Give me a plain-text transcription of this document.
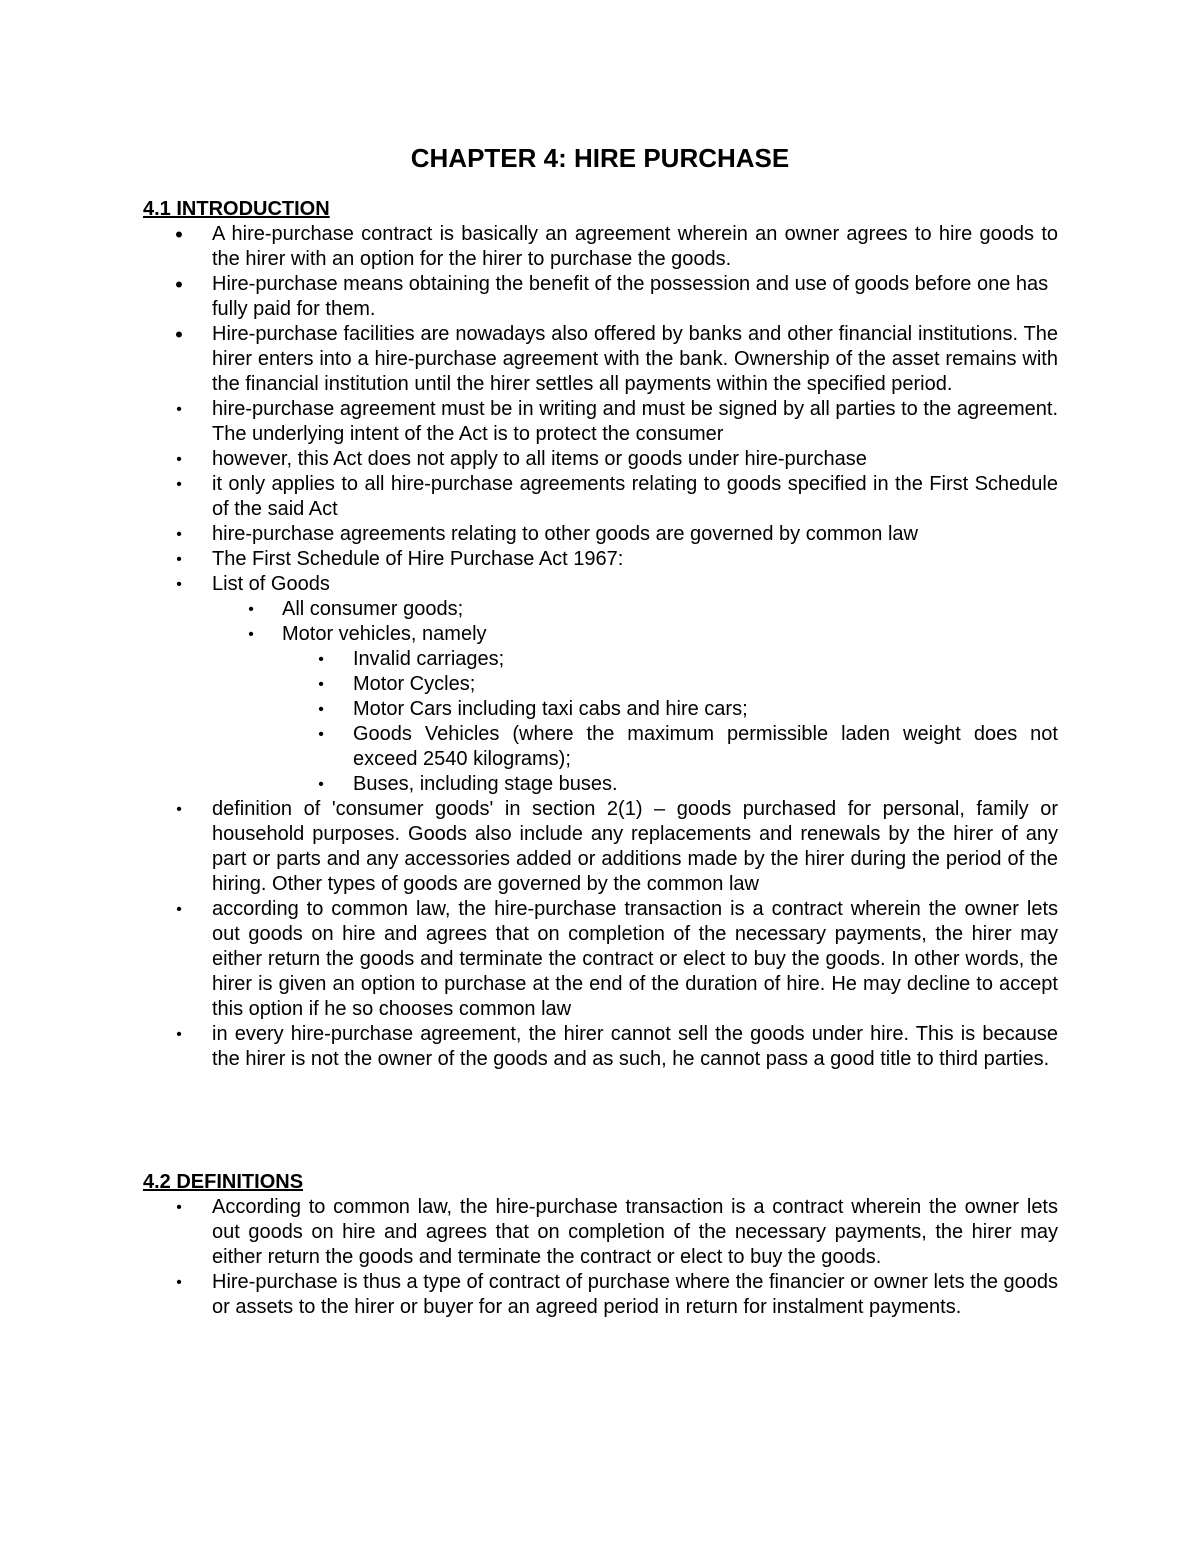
CHAPTER 4: HIRE PURCHASE
4.1 INTRODUCTION
• A hire-purchase contract is basically an agreement wherein an owner agrees to hire goods to the hirer with an option for the hirer to purchase the goods.
• Hire-purchase means obtaining the benefit of the possession and use of goods before one has fully paid for them.
• Hire-purchase facilities are nowadays also offered by banks and other financial institutions. The hirer enters into a hire-purchase agreement with the bank. Ownership of the asset remains with the financial institution until the hirer settles all payments within the specified period.
• hire-purchase agreement must be in writing and must be signed by all parties to the agreement. The underlying intent of the Act is to protect the consumer
• however, this Act does not apply to all items or goods under hire-purchase
• it only applies to all hire-purchase agreements relating to goods specified in the First Schedule of the said Act
• hire-purchase agreements relating to other goods are governed by common law
• The First Schedule of Hire Purchase Act 1967:
• List of Goods
• All consumer goods;
• Motor vehicles, namely
• Invalid carriages;
• Motor Cycles;
• Motor Cars including taxi cabs and hire cars;
• Goods Vehicles (where the maximum permissible laden weight does not exceed 2540 kilograms);
• Buses, including stage buses.
• definition of 'consumer goods' in section 2(1) – goods purchased for personal, family or household purposes. Goods also include any replacements and renewals by the hirer of any part or parts and any accessories added or additions made by the hirer during the period of the hiring. Other types of goods are governed by the common law
• according to common law, the hire-purchase transaction is a contract wherein the owner lets out goods on hire and agrees that on completion of the necessary payments, the hirer may either return the goods and terminate the contract or elect to buy the goods. In other words, the hirer is given an option to purchase at the end of the duration of hire. He may decline to accept this option if he so chooses common law
• in every hire-purchase agreement, the hirer cannot sell the goods under hire. This is because the hirer is not the owner of the goods and as such, he cannot pass a good title to third parties.
4.2 DEFINITIONS
• According to common law, the hire-purchase transaction is a contract wherein the owner lets out goods on hire and agrees that on completion of the necessary payments, the hirer may either return the goods and terminate the contract or elect to buy the goods.
• Hire-purchase is thus a type of contract of purchase where the financier or owner lets the goods or assets to the hirer or buyer for an agreed period in return for instalment payments.
